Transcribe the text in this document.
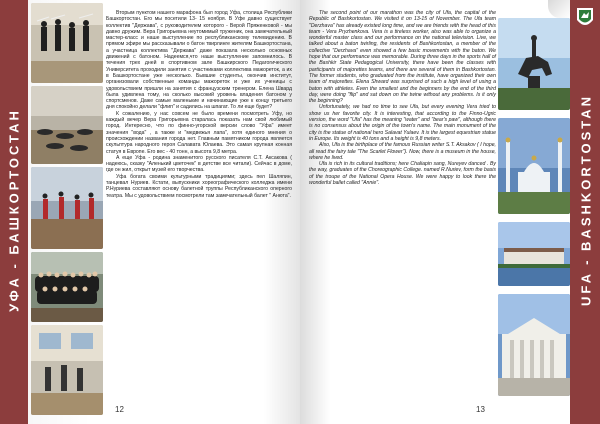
УФА - БАШКОРТОСТАН

Вторым пунктом нашего марафона был город Уфа, столица Республики Башкортостан. Его мы посетили 13- 15 ноября. В Уфе давно существует коллектив "Держава", с руководителем которого - Верой Пряженковой - мы давно дружим. Вера Григорьевна неутомимый труженик, она замечательный мастер-класс и наше выступление по республиканскому телевидению. В прямом эфире мы рассказывали о батон твирлинге жителям Башкортостана, а участница коллектива "Держава" даже показала несколько основных движений с батоном. Надеемся,что наше выступление запомнилось. В течения трех дней в спортивном зале Башкирского Педагогического Университета проходили занятия с участниками коллектива мажореток, а их в Башкортостане уже несколько. Бывшие студенты, окончив институт, организовали собственные команды мажореток и уже их ученицы с удовольствием пришли на занятия с французским тренером. Елена Швард была удивлена тому, на сколько высокий уровень владения батоном у спортсменов. Даже самые маленькие и начинающие уже к концу третьего дня спокойно делали "флип" и садились на шпагат. То ли еще будет?

К сожалению, у нас совсем не было времени посмотреть Уфу, но каждый вечер Вера Григорьевна старалась показать нам свой любимый город. Интересно, что по финно-угорской версии слово "Уфа" имеет значения "вода" , а также и "медвежья лапа", хотя единого мнения о происхождении названия города нет. Главным памятником города является скульптура народного героя Салавата Юлаева. Это самая крупная конная статуя в Европе. Его вес - 40 тонн, а высота 9,8 метра.

А еще Уфа - родина знаменитого русского писателя С.Т. Аксакова ( надеюсь, сказку "Аленький цветочек" в детстве все читали). Сейчас в доме, где он жил, открыт музей его творчества.

Уфа богата своими культурными традициями; здесь пел Шаляпин, танцевал Нуриев. Кстати, выпускники хореографического колледжа имени Р.Нуриева составляют основу балетной труппы Республиканского оперного театра. Мы с удовольствием посмотрели там замечательный балет " Анюта".

12

The second point of our marathon was the city of Ufa, the capital of the Republic of Bashkortostan. We visited it on 13-15 of November. The Ufa team "Derzhava" has already existed long time, and we are friends with the head of this team - Vera Pryzhenkova. Vera is a tireless worker, also was able to organize a wonderful master class and our performance on the national television. Live, we talked about a baton twirling, the residents of Bashkortostan, a member of the collective "Derzhava" even showed a few basic movements with the baton. We hope that our performance was memorable. During three days in the sports hall of the Bashkir State Pedagogical University, there have been the classes with participants of majorettes teams, and there are several of them in Bashkortostan. The former students, who graduated from the institute, have organized their own team of majorettes. Elena Shward was surprised of such a high level of using a baton with athletes. Even the smallest and the beginners by the end of the third day, were doing "flip" and sat down on the twine without any problems. Is it only the beginning?

Unfortunately, we had no time to see Ufa, but every evening Vera tried to show us her favorite city. It is interesting, that according to the Finno-Ugric version, the word "Ufa" has the meaning "water" and "bear's paw", although there is no consensus about the origin of the town's name. The main monument of the city is the statue of national hero Salavat Yulaev. It is the largest equestrian statue in Europe. Its weight is 40 tons and a height is 9,8 meters.

Also, Ufa is the birthplace of the famous Russian writer S.T. Aksakov ( I hope, all read the fairy tale "The Scarlet Flower"). Now, there is a museum in the house, where he lived.

Ufa is rich in its cultural traditions; here Chaliapin sang, Nureyev danced . By the way, graduates of the Choreographic College. named R.Nuriev, form the basis of the troupe of the National Opera House. We were happy to look there the wonderful ballet called "Annie".	UFA - BASHKORTOSTAN
13
